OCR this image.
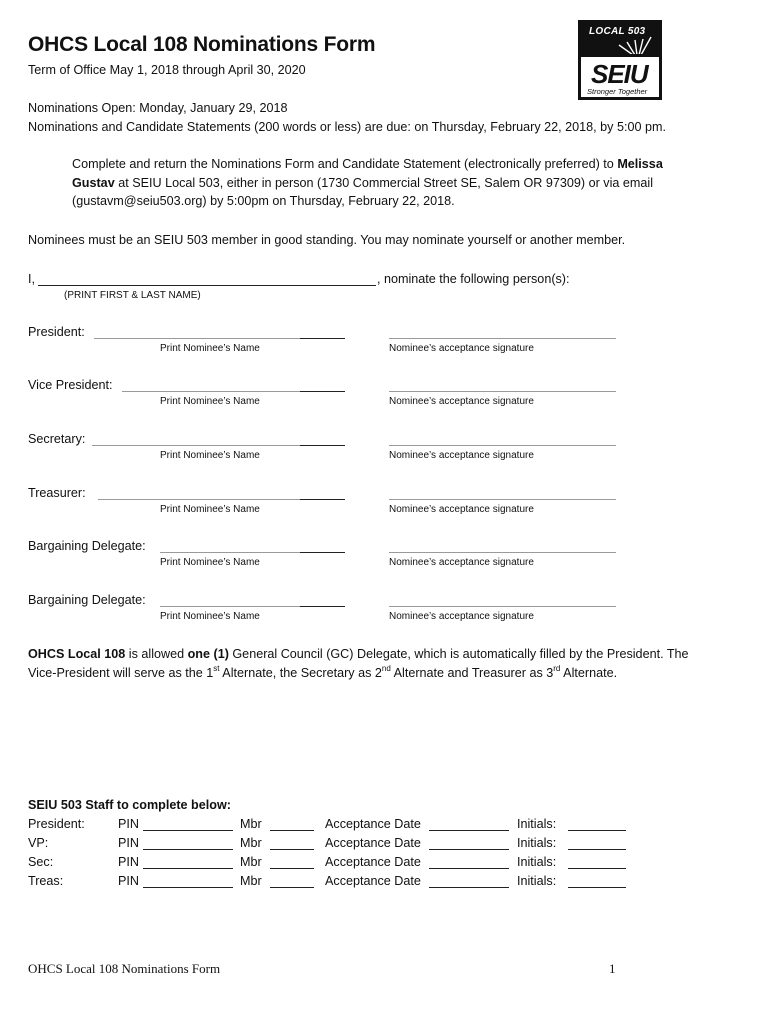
OHCS Local 108 Nominations Form
Term of Office May 1, 2018 through April 30, 2020
Nominations Open: Monday, January 29, 2018
Nominations and Candidate Statements (200 words or less) are due: on Thursday, February 22, 2018, by 5:00 pm.
LOCAL 503
SEIU
Stronger Together
Complete and return the Nominations Form and Candidate Statement (electronically preferred) to Melissa
Gustav at SEIU Local 503, either in person (1730 Commercial Street SE, Salem OR 97309) or via email
(gustavm@seiu503.org) by 5:00pm on Thursday, February 22, 2018.
Nominees must be an SEIU 503 member in good standing. You may nominate yourself or another member.
I,	, nominate the following person(s):
(PRINT FIRST & LAST NAME)
President:
Print Nominee’s Name	Nominee’s acceptance signature
Vice President:
Print Nominee’s Name	Nominee’s acceptance signature
Secretary:
Print Nominee’s Name	Nominee’s acceptance signature
Treasurer:
Print Nominee’s Name	Nominee’s acceptance signature
Bargaining Delegate:
Print Nominee’s Name	Nominee’s acceptance signature
Bargaining Delegate:
Print Nominee’s Name	Nominee’s acceptance signature
OHCS Local 108 is allowed one (1) General Council (GC) Delegate, which is automatically filled by the President. The
Vice-President will serve as the 1st Alternate, the Secretary as 2nd Alternate and Treasurer as 3rd Alternate.
SEIU 503 Staff to complete below:
President:	PIN	Mbr	Acceptance Date	Initials:
VP:	PIN	Mbr	Acceptance Date	Initials:
Sec:	PIN	Mbr	Acceptance Date	Initials:
Treas:	PIN	Mbr	Acceptance Date	Initials:
OHCS Local 108 Nominations Form	1
